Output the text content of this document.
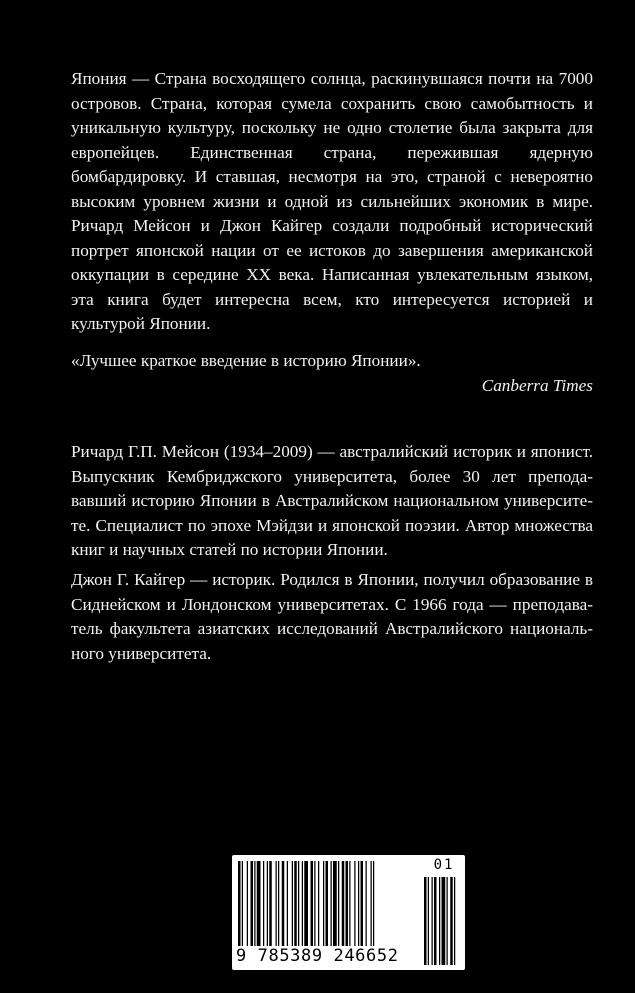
Япония — Страна восходящего солнца, раскинувшаяся почти на 7000 островов. Страна, которая сумела сохранить свою самобытность и уникальную культуру, поскольку не одно столетие была закрыта для европейцев. Единственная страна, пережившая ядерную бомбардировку. И ставшая, несмотря на это, страной с невероятно высоким уровнем жизни и одной из сильнейших экономик в мире. Ричард Мейсон и Джон Кайгер создали подробный исторический портрет японской нации от ее истоков до завершения американской оккупации в середине XX века. Написанная увлекательным языком, эта книга будет интересна всем, кто интересуется историей и культурой Японии.

«Лучшее краткое введение в историю Японии».

Canberra Times

Ричард Г.П. Мейсон (1934–2009) — австралийский историк и японист. Выпускник Кембриджского университета, более 30 лет преподававший историю Японии в Австралийском национальном университете. Специалист по эпохе Мэйдзи и японской поэзии. Автор множества книг и научных статей по истории Японии.

Джон Г. Кайгер — историк. Родился в Японии, получил образование в Сиднейском и Лондонском университетах. С 1966 года — преподаватель факультета азиатских исследований Австралийского национального университета.

01
9 785389 246652
